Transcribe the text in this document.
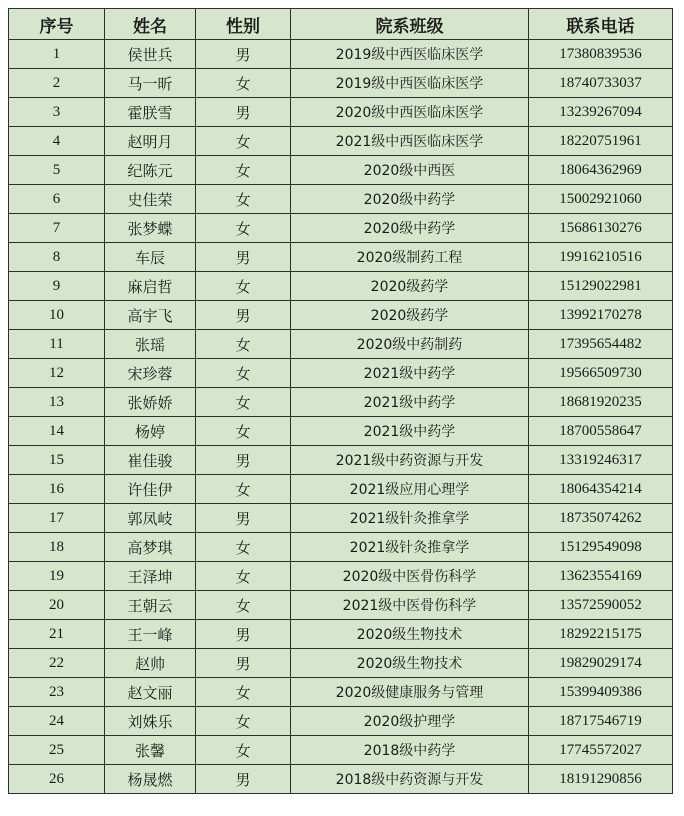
序号	姓名	性别	院系班级	联系电话
1	侯世兵	男	2019级中西医临床医学	17380839536
2	马一昕	女	2019级中西医临床医学	18740733037
3	霍朕雪	男	2020级中西医临床医学	13239267094
4	赵明月	女	2021级中西医临床医学	18220751961
5	纪陈元	女	2020级中西医	18064362969
6	史佳荣	女	2020级中药学	15002921060
7	张梦蝶	女	2020级中药学	15686130276
8	车辰	男	2020级制药工程	19916210516
9	麻启哲	女	2020级药学	15129022981
10	高宇飞	男	2020级药学	13992170278
11	张瑶	女	2020级中药制药	17395654482
12	宋珍蓉	女	2021级中药学	19566509730
13	张娇娇	女	2021级中药学	18681920235
14	杨婷	女	2021级中药学	18700558647
15	崔佳骏	男	2021级中药资源与开发	13319246317
16	许佳伊	女	2021级应用心理学	18064354214
17	郭凤岐	男	2021级针灸推拿学	18735074262
18	高梦琪	女	2021级针灸推拿学	15129549098
19	王泽坤	女	2020级中医骨伤科学	13623554169
20	王朝云	女	2021级中医骨伤科学	13572590052
21	王一峰	男	2020级生物技术	18292215175
22	赵帅	男	2020级生物技术	19829029174
23	赵文丽	女	2020级健康服务与管理	15399409386
24	刘姝乐	女	2020级护理学	18717546719
25	张馨	女	2018级中药学	17745572027
26	杨晟燃	男	2018级中药资源与开发	18191290856
